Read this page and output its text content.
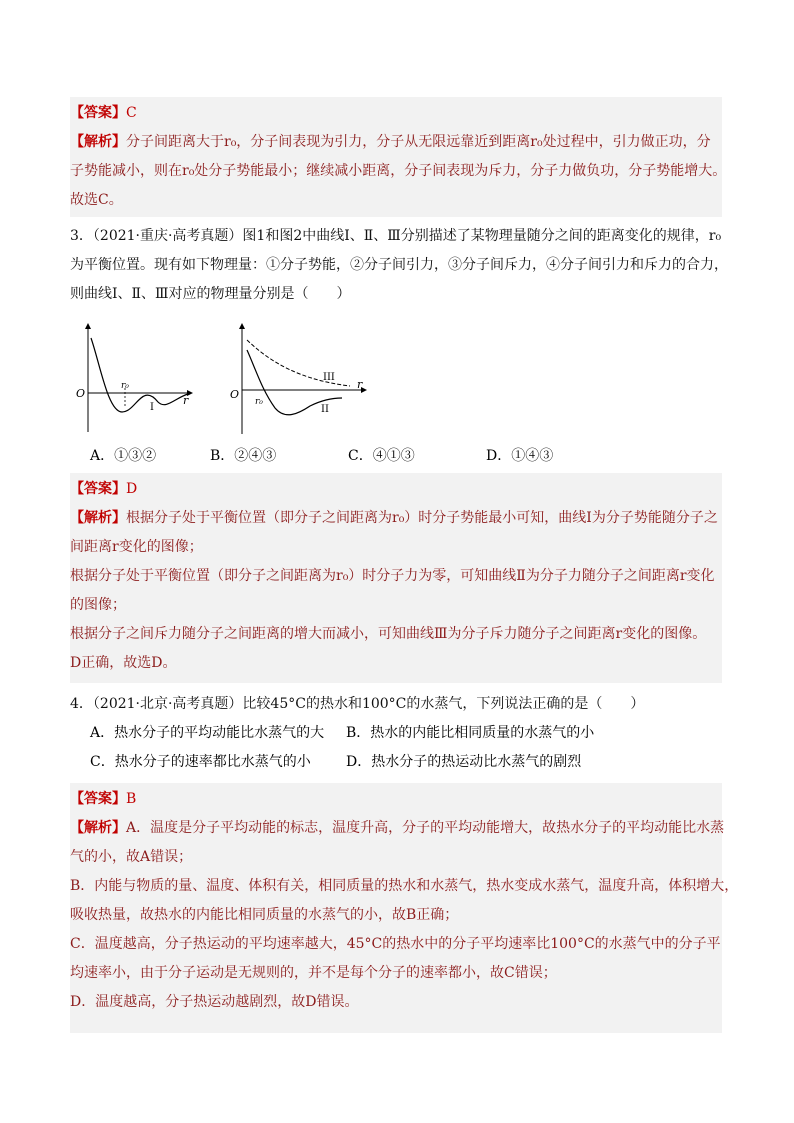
【答案】C
【解析】分子间距离大于r₀，分子间表现为引力，分子从无限远靠近到距离r₀处过程中，引力做正功，分
子势能减小，则在r₀处分子势能最小；继续减小距离，分子间表现为斥力，分子力做负功，分子势能增大。
故选C。
3．（2021·重庆·高考真题）图1和图2中曲线Ⅰ、Ⅱ、Ⅲ分别描述了某物理量随分之间的距离变化的规律，r₀
为平衡位置。现有如下物理量：①分子势能，②分子间引力，③分子间斥力，④分子间引力和斥力的合力，
则曲线Ⅰ、Ⅱ、Ⅲ对应的物理量分别是（　　）
O
r
r₀
I
O
r
r₀
II
III
A．①③②	B．②④③	C．④①③	D．①④③
【答案】D
【解析】根据分子处于平衡位置（即分子之间距离为r₀）时分子势能最小可知，曲线Ⅰ为分子势能随分子之
间距离r变化的图像；
根据分子处于平衡位置（即分子之间距离为r₀）时分子力为零，可知曲线Ⅱ为分子力随分子之间距离r变化
的图像；
根据分子之间斥力随分子之间距离的增大而减小，可知曲线Ⅲ为分子斥力随分子之间距离r变化的图像。
D正确，故选D。
4．（2021·北京·高考真题）比较45°C的热水和100°C的水蒸气，下列说法正确的是（　　）
A．热水分子的平均动能比水蒸气的大 B．热水的内能比相同质量的水蒸气的小
C．热水分子的速率都比水蒸气的小	D．热水分子的热运动比水蒸气的剧烈
【答案】B
【解析】A．温度是分子平均动能的标志，温度升高，分子的平均动能增大，故热水分子的平均动能比水蒸
气的小，故A错误；
B．内能与物质的量、温度、体积有关，相同质量的热水和水蒸气，热水变成水蒸气，温度升高，体积增大，
吸收热量，故热水的内能比相同质量的水蒸气的小，故B正确；
C．温度越高，分子热运动的平均速率越大，45°C的热水中的分子平均速率比100°C的水蒸气中的分子平
均速率小，由于分子运动是无规则的，并不是每个分子的速率都小，故C错误；
D．温度越高，分子热运动越剧烈，故D错误。
